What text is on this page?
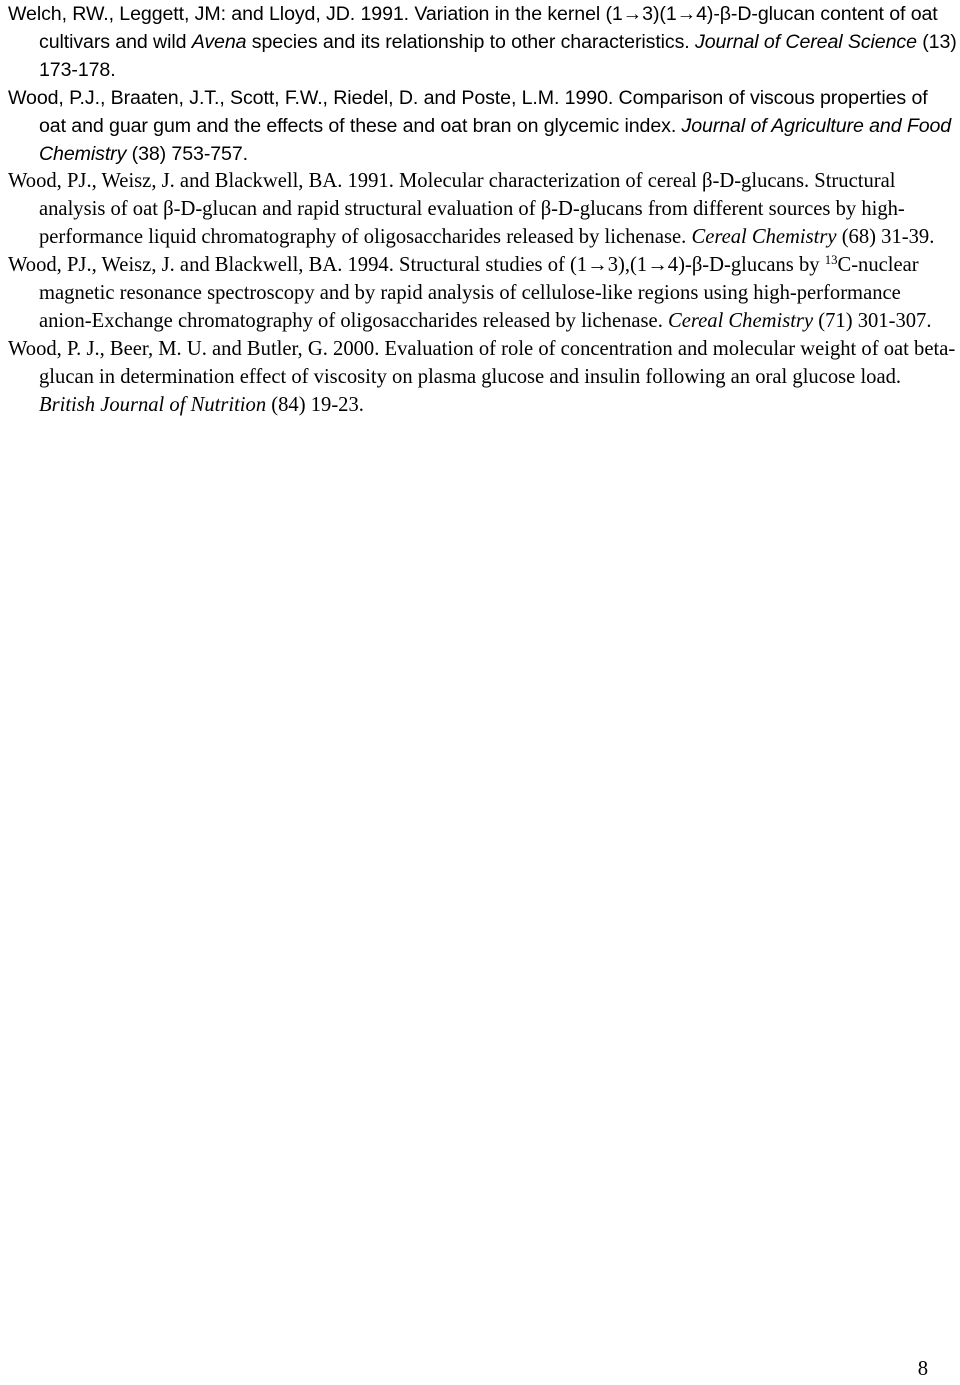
Welch, RW., Leggett, JM: and Lloyd, JD. 1991. Variation in the kernel (1→3)(1→4)-β-D-glucan content of oat cultivars and wild Avena species and its relationship to other characteristics. Journal of Cereal Science (13) 173-178.

Wood, P.J., Braaten, J.T., Scott, F.W., Riedel, D. and Poste, L.M. 1990. Comparison of viscous properties of oat and guar gum and the effects of these and oat bran on glycemic index. Journal of Agriculture and Food Chemistry (38) 753-757.

Wood, PJ., Weisz, J. and Blackwell, BA. 1991. Molecular characterization of cereal β-D-glucans. Structural analysis of oat β-D-glucan and rapid structural evaluation of β-D-glucans from different sources by high-performance liquid chromatography of oligosaccharides released by lichenase. Cereal Chemistry (68) 31-39.

Wood, PJ., Weisz, J. and Blackwell, BA. 1994. Structural studies of (1→3),(1→4)-β-D-glucans by $^{13}$C-nuclear magnetic resonance spectroscopy and by rapid analysis of cellulose-like regions using high-performance anion-Exchange chromatography of oligosaccharides released by lichenase. Cereal Chemistry (71) 301-307.

Wood, P. J., Beer, M. U. and Butler, G. 2000. Evaluation of role of concentration and molecular weight of oat beta-glucan in determination effect of viscosity on plasma glucose and insulin following an oral glucose load. British Journal of Nutrition (84) 19-23.

8
